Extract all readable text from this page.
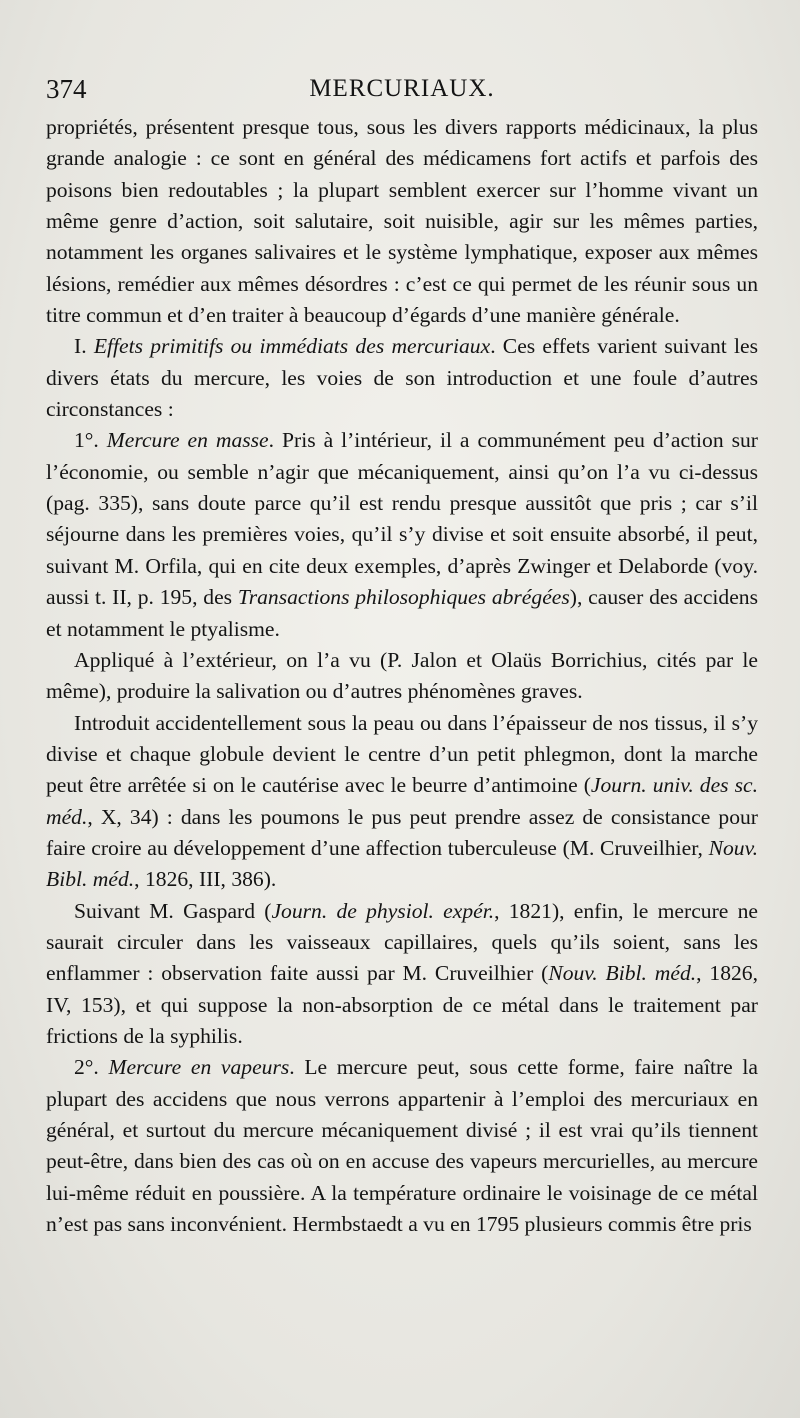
374	MERCURIAUX.

propriétés, présentent presque tous, sous les divers rapports médicinaux, la plus grande analogie : ce sont en général des médicamens fort actifs et parfois des poisons bien redoutables ; la plupart semblent exercer sur l’homme vivant un même genre d’action, soit salutaire, soit nuisible, agir sur les mêmes parties, notamment les organes salivaires et le système lymphatique, exposer aux mêmes lésions, remédier aux mêmes désordres : c’est ce qui permet de les réunir sous un titre commun et d’en traiter à beaucoup d’égards d’une manière générale.

I. Effets primitifs ou immédiats des mercuriaux. Ces effets varient suivant les divers états du mercure, les voies de son introduction et une foule d’autres circonstances :

1°. Mercure en masse. Pris à l’intérieur, il a communément peu d’action sur l’économie, ou semble n’agir que mécaniquement, ainsi qu’on l’a vu ci-dessus (pag. 335), sans doute parce qu’il est rendu presque aussitôt que pris ; car s’il séjourne dans les premières voies, qu’il s’y divise et soit ensuite absorbé, il peut, suivant M. Orfila, qui en cite deux exemples, d’après Zwinger et Delaborde (voy. aussi t. II, p. 195, des Transactions philosophiques abrégées), causer des accidens et notamment le ptyalisme.

Appliqué à l’extérieur, on l’a vu (P. Jalon et Olaüs Borrichius, cités par le même), produire la salivation ou d’autres phénomènes graves.

Introduit accidentellement sous la peau ou dans l’épaisseur de nos tissus, il s’y divise et chaque globule devient le centre d’un petit phlegmon, dont la marche peut être arrêtée si on le cautérise avec le beurre d’antimoine (Journ. univ. des sc. méd., X, 34) : dans les poumons le pus peut prendre assez de consistance pour faire croire au développement d’une affection tuberculeuse (M. Cruveilhier, Nouv. Bibl. méd., 1826, III, 386).

Suivant M. Gaspard (Journ. de physiol. expér., 1821), enfin, le mercure ne saurait circuler dans les vaisseaux capillaires, quels qu’ils soient, sans les enflammer : observation faite aussi par M. Cruveilhier (Nouv. Bibl. méd., 1826, IV, 153), et qui suppose la non-absorption de ce métal dans le traitement par frictions de la syphilis.

2°. Mercure en vapeurs. Le mercure peut, sous cette forme, faire naître la plupart des accidens que nous verrons appartenir à l’emploi des mercuriaux en général, et surtout du mercure mécaniquement divisé ; il est vrai qu’ils tiennent peut-être, dans bien des cas où on en accuse des vapeurs mercurielles, au mercure lui-même réduit en poussière. A la température ordinaire le voisinage de ce métal n’est pas sans inconvénient. Hermbstaedt a vu en 1795 plusieurs commis être pris
